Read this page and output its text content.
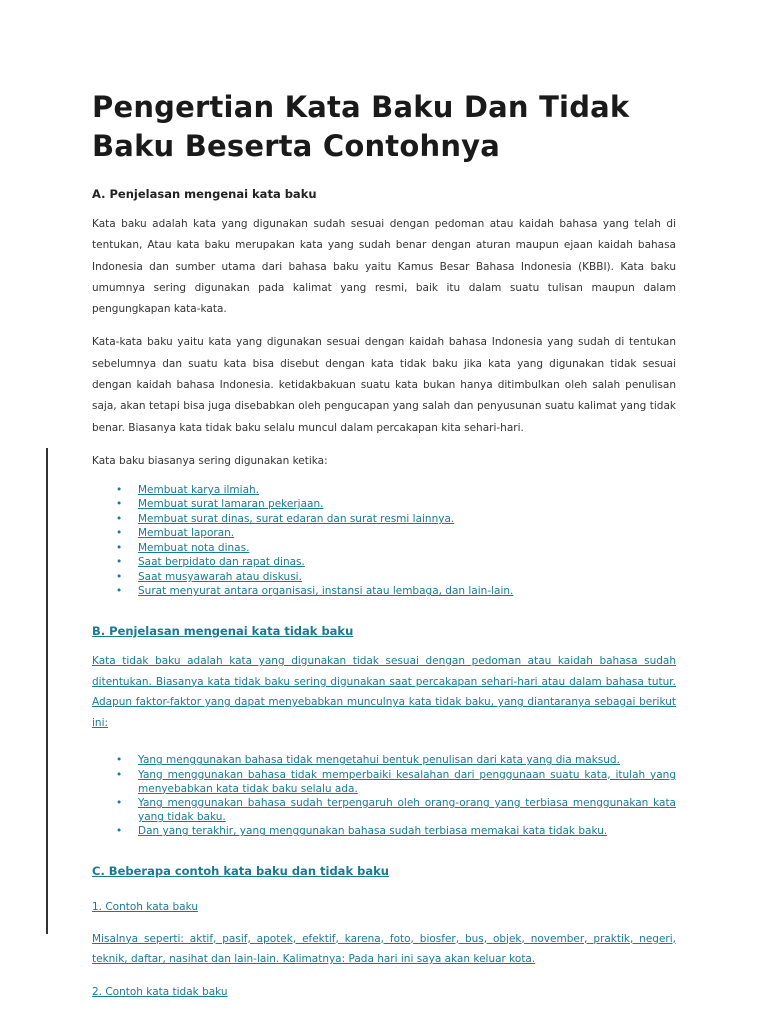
Pengertian Kata Baku Dan Tidak Baku Beserta Contohnya
A. Penjelasan mengenai kata baku

Kata baku adalah kata yang digunakan sudah sesuai dengan pedoman atau kaidah bahasa yang telah di tentukan, Atau kata baku merupakan kata yang sudah benar dengan aturan maupun ejaan kaidah bahasa Indonesia dan sumber utama dari bahasa baku yaitu Kamus Besar Bahasa Indonesia (KBBI). Kata baku umumnya sering digunakan pada kalimat yang resmi, baik itu dalam suatu tulisan maupun dalam pengungkapan kata-kata.

Kata-kata baku yaitu kata yang digunakan sesuai dengan kaidah bahasa Indonesia yang sudah di tentukan sebelumnya dan suatu kata bisa disebut dengan kata tidak baku jika kata yang digunakan tidak sesuai dengan kaidah bahasa Indonesia. ketidakbakuan suatu kata bukan hanya ditimbulkan oleh salah penulisan saja, akan tetapi bisa juga disebabkan oleh pengucapan yang salah dan penyusunan suatu kalimat yang tidak benar. Biasanya kata tidak baku selalu muncul dalam percakapan kita sehari-hari.

Kata baku biasanya sering digunakan ketika:

• Membuat karya ilmiah.
• Membuat surat lamaran pekerjaan.
• Membuat surat dinas, surat edaran dan surat resmi lainnya.
• Membuat laporan.
• Membuat nota dinas.
• Saat berpidato dan rapat dinas.
• Saat musyawarah atau diskusi.
• Surat menyurat antara organisasi, instansi atau lembaga, dan lain-lain.
B. Penjelasan mengenai kata tidak baku

Kata tidak baku adalah kata yang digunakan tidak sesuai dengan pedoman atau kaidah bahasa sudah ditentukan. Biasanya kata tidak baku sering digunakan saat percakapan sehari-hari atau dalam bahasa tutur. Adapun faktor-faktor yang dapat menyebabkan munculnya kata tidak baku, yang diantaranya sebagai berikut ini:

• Yang menggunakan bahasa tidak mengetahui bentuk penulisan dari kata yang dia maksud.
• Yang menggunakan bahasa tidak memperbaiki kesalahan dari penggunaan suatu kata, itulah yang menyebabkan kata tidak baku selalu ada.
• Yang menggunakan bahasa sudah terpengaruh oleh orang-orang yang terbiasa menggunakan kata yang tidak baku.
• Dan yang terakhir, yang menggunakan bahasa sudah terbiasa memakai kata tidak baku.
C. Beberapa contoh kata baku dan tidak baku
1. Contoh kata baku

Misalnya seperti: aktif, pasif, apotek, efektif, karena, foto, biosfer, bus, objek, november, praktik, negeri, teknik, daftar, nasihat dan lain-lain. Kalimatnya: Pada hari ini saya akan keluar kota.

2. Contoh kata tidak baku
